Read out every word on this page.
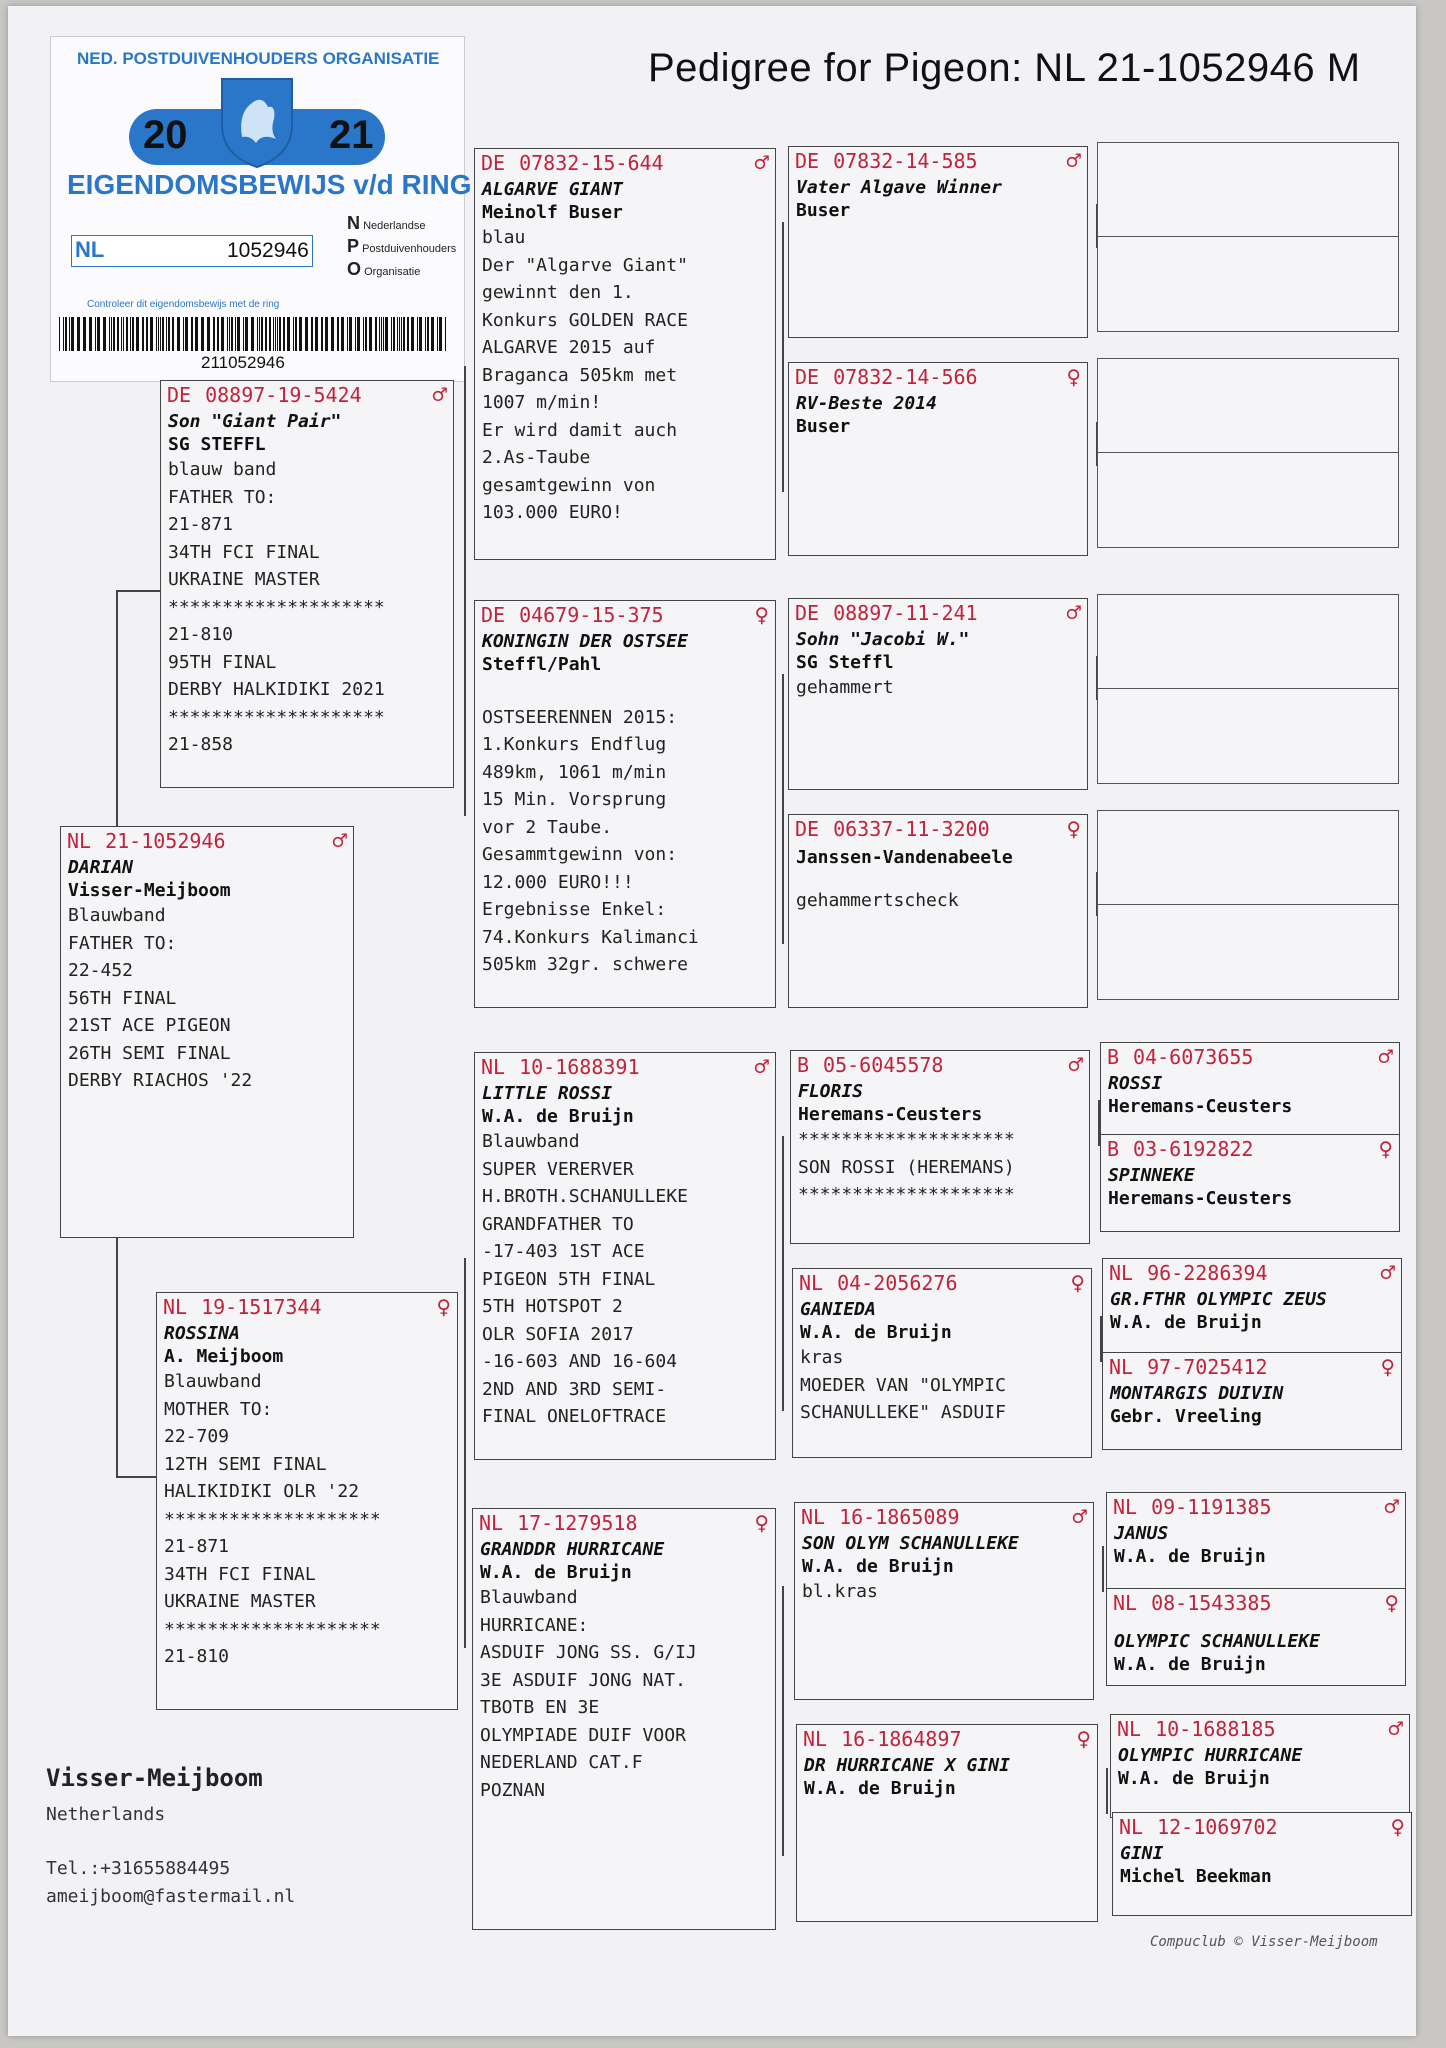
Pedigree for Pigeon: NL 21-1052946 M
NED. POSTDUIVENHOUDERS ORGANISATIE
20	21
EIGENDOMSBEWIJS v/d RING
NL	1052946
N Nederlandse
P Postduivenhouders
O Organisatie
Controleer dit eigendomsbewijs met de ring
211052946
NL 21-1052946	♂
DARIAN
Visser-Meijboom
Blauwband
FATHER TO:
22-452
56TH FINAL
21ST ACE PIGEON
26TH SEMI FINAL
DERBY RIACHOS '22
DE 08897-19-5424	♂
Son "Giant Pair"
SG STEFFL
blauw band
FATHER TO:
21-871
34TH FCI FINAL
UKRAINE MASTER
********************
21-810
95TH FINAL
DERBY HALKIDIKI 2021
********************
21-858
NL 19-1517344	♀
ROSSINA
A. Meijboom
Blauwband
MOTHER TO:
22-709
12TH SEMI FINAL
HALIKIDIKI OLR '22
********************
21-871
34TH FCI FINAL
UKRAINE MASTER
********************
21-810
DE 07832-15-644	♂
ALGARVE GIANT
Meinolf Buser
blau
Der "Algarve Giant"
gewinnt den 1.
Konkurs GOLDEN RACE
ALGARVE 2015 auf
Braganca 505km met
1007 m/min!
Er wird damit auch
2.As-Taube
gesamtgewinn von
103.000 EURO!
DE 04679-15-375	♀
KONINGIN DER OSTSEE
Steffl/Pahl

OSTSEERENNEN 2015:
1.Konkurs Endflug
489km, 1061 m/min
15 Min. Vorsprung
vor 2 Taube.
Gesammtgewinn von:
12.000 EURO!!!
Ergebnisse Enkel:
74.Konkurs Kalimanci
505km 32gr. schwere
NL 10-1688391	♂
LITTLE ROSSI
W.A. de Bruijn
Blauwband
SUPER VERERVER
H.BROTH.SCHANULLEKE
GRANDFATHER TO
-17-403 1ST ACE
PIGEON 5TH FINAL
5TH HOTSPOT 2
OLR SOFIA 2017
-16-603 AND 16-604
2ND AND 3RD SEMI-
FINAL ONELOFTRACE
NL 17-1279518	♀
GRANDDR HURRICANE
W.A. de Bruijn
Blauwband
HURRICANE:
ASDUIF JONG SS. G/IJ
3E ASDUIF JONG NAT.
TBOTB EN 3E
OLYMPIADE DUIF VOOR
NEDERLAND CAT.F
POZNAN
DE 07832-14-585	♂
Vater Algave Winner
Buser
DE 07832-14-566	♀
RV-Beste 2014
Buser
DE 08897-11-241	♂
Sohn "Jacobi W."
SG Steffl
gehammert
DE 06337-11-3200	♀
Janssen-Vandenabeele
gehammertscheck
B 05-6045578	♂
FLORIS
Heremans-Ceusters
********************
SON ROSSI (HEREMANS)
********************
NL 04-2056276	♀
GANIEDA
W.A. de Bruijn
kras
MOEDER VAN "OLYMPIC
SCHANULLEKE" ASDUIF
NL 16-1865089	♂
SON OLYM SCHANULLEKE
W.A. de Bruijn
bl.kras
NL 16-1864897	♀
DR HURRICANE X GINI
W.A. de Bruijn
B 04-6073655	♂
ROSSI
Heremans-Ceusters
B 03-6192822	♀
SPINNEKE
Heremans-Ceusters
NL 96-2286394	♂
GR.FTHR OLYMPIC ZEUS
W.A. de Bruijn
NL 97-7025412	♀
MONTARGIS DUIVIN
Gebr. Vreeling
NL 09-1191385	♂
JANUS
W.A. de Bruijn
NL 08-1543385	♀
OLYMPIC SCHANULLEKE
W.A. de Bruijn
NL 10-1688185	♂
OLYMPIC HURRICANE
W.A. de Bruijn
NL 12-1069702	♀
GINI
Michel Beekman
Visser-Meijboom
Netherlands
Tel.:+31655884495
ameijboom@fastermail.nl
Compuclub © Visser-Meijboom
